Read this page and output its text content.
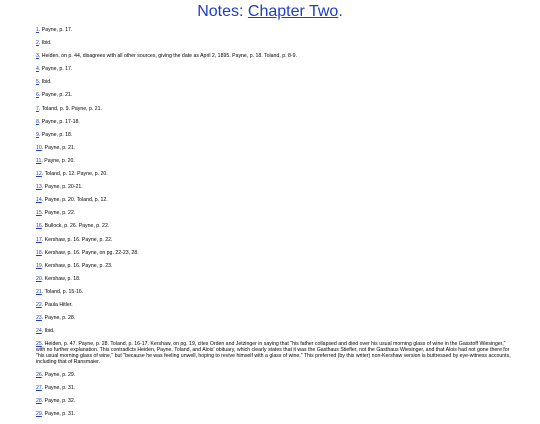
Notes: Chapter Two.
1. Payne, p. 17.
2. Ibid.
3. Heiden, on p. 44, disagrees with all other sources, giving the date as April 2, 1895. Payne, p. 18. Toland, p. 8-9.
4. Payne, p. 17.
5. Ibid.
6. Payne, p. 21.
7. Toland, p. 9. Payne, p. 21.
8. Payne, p. 17-18.
9. Payne, p. 18.
10. Payne, p. 21.
11. Payne, p. 20.
12. Toland, p. 12. Payne, p. 20.
13. Payne, p. 20-21.
14. Payne, p. 20. Toland, p. 12.
15. Payne, p. 22.
16. Bullock, p. 26. Payne, p. 22.
17. Kershaw, p. 16. Payne, p. 22.
18. Kershaw, p. 16. Payne, on pg. 22-23, 28.
19. Kershaw, p. 16. Payne, p. 23.
20. Kershaw, p. 18.
21. Toland, p. 15-16.
22. Paula Hitler.
23. Payne, p. 28.
24. Ibid.
25. Heiden, p. 47. Payne, p. 28. Toland, p. 16-17. Kershaw, on pg. 19, cites Orden and Jetzinger in saying that "his father collapsed and died over his usual morning glass of wine in the Gasstoff Wiesinger," with no further explanation. This contradicts Heiden, Payne, Toland, and Alois' obituary, which clearly states that it was the Gasthaus Stiefler, not the Gasthaus Wiesinger, and that Alois had not gone there for "his usual morning glass of wine," but "because he was feeling unwell, hoping to revive himself with a glass of wine." This preferred (by this writer) non-Kershaw version is buttressed by eye-witness accounts, including that of Ransmaier.
26. Payne, p. 29.
27. Payne, p. 31.
28. Payne, p. 32.
29. Payne, p. 31.
